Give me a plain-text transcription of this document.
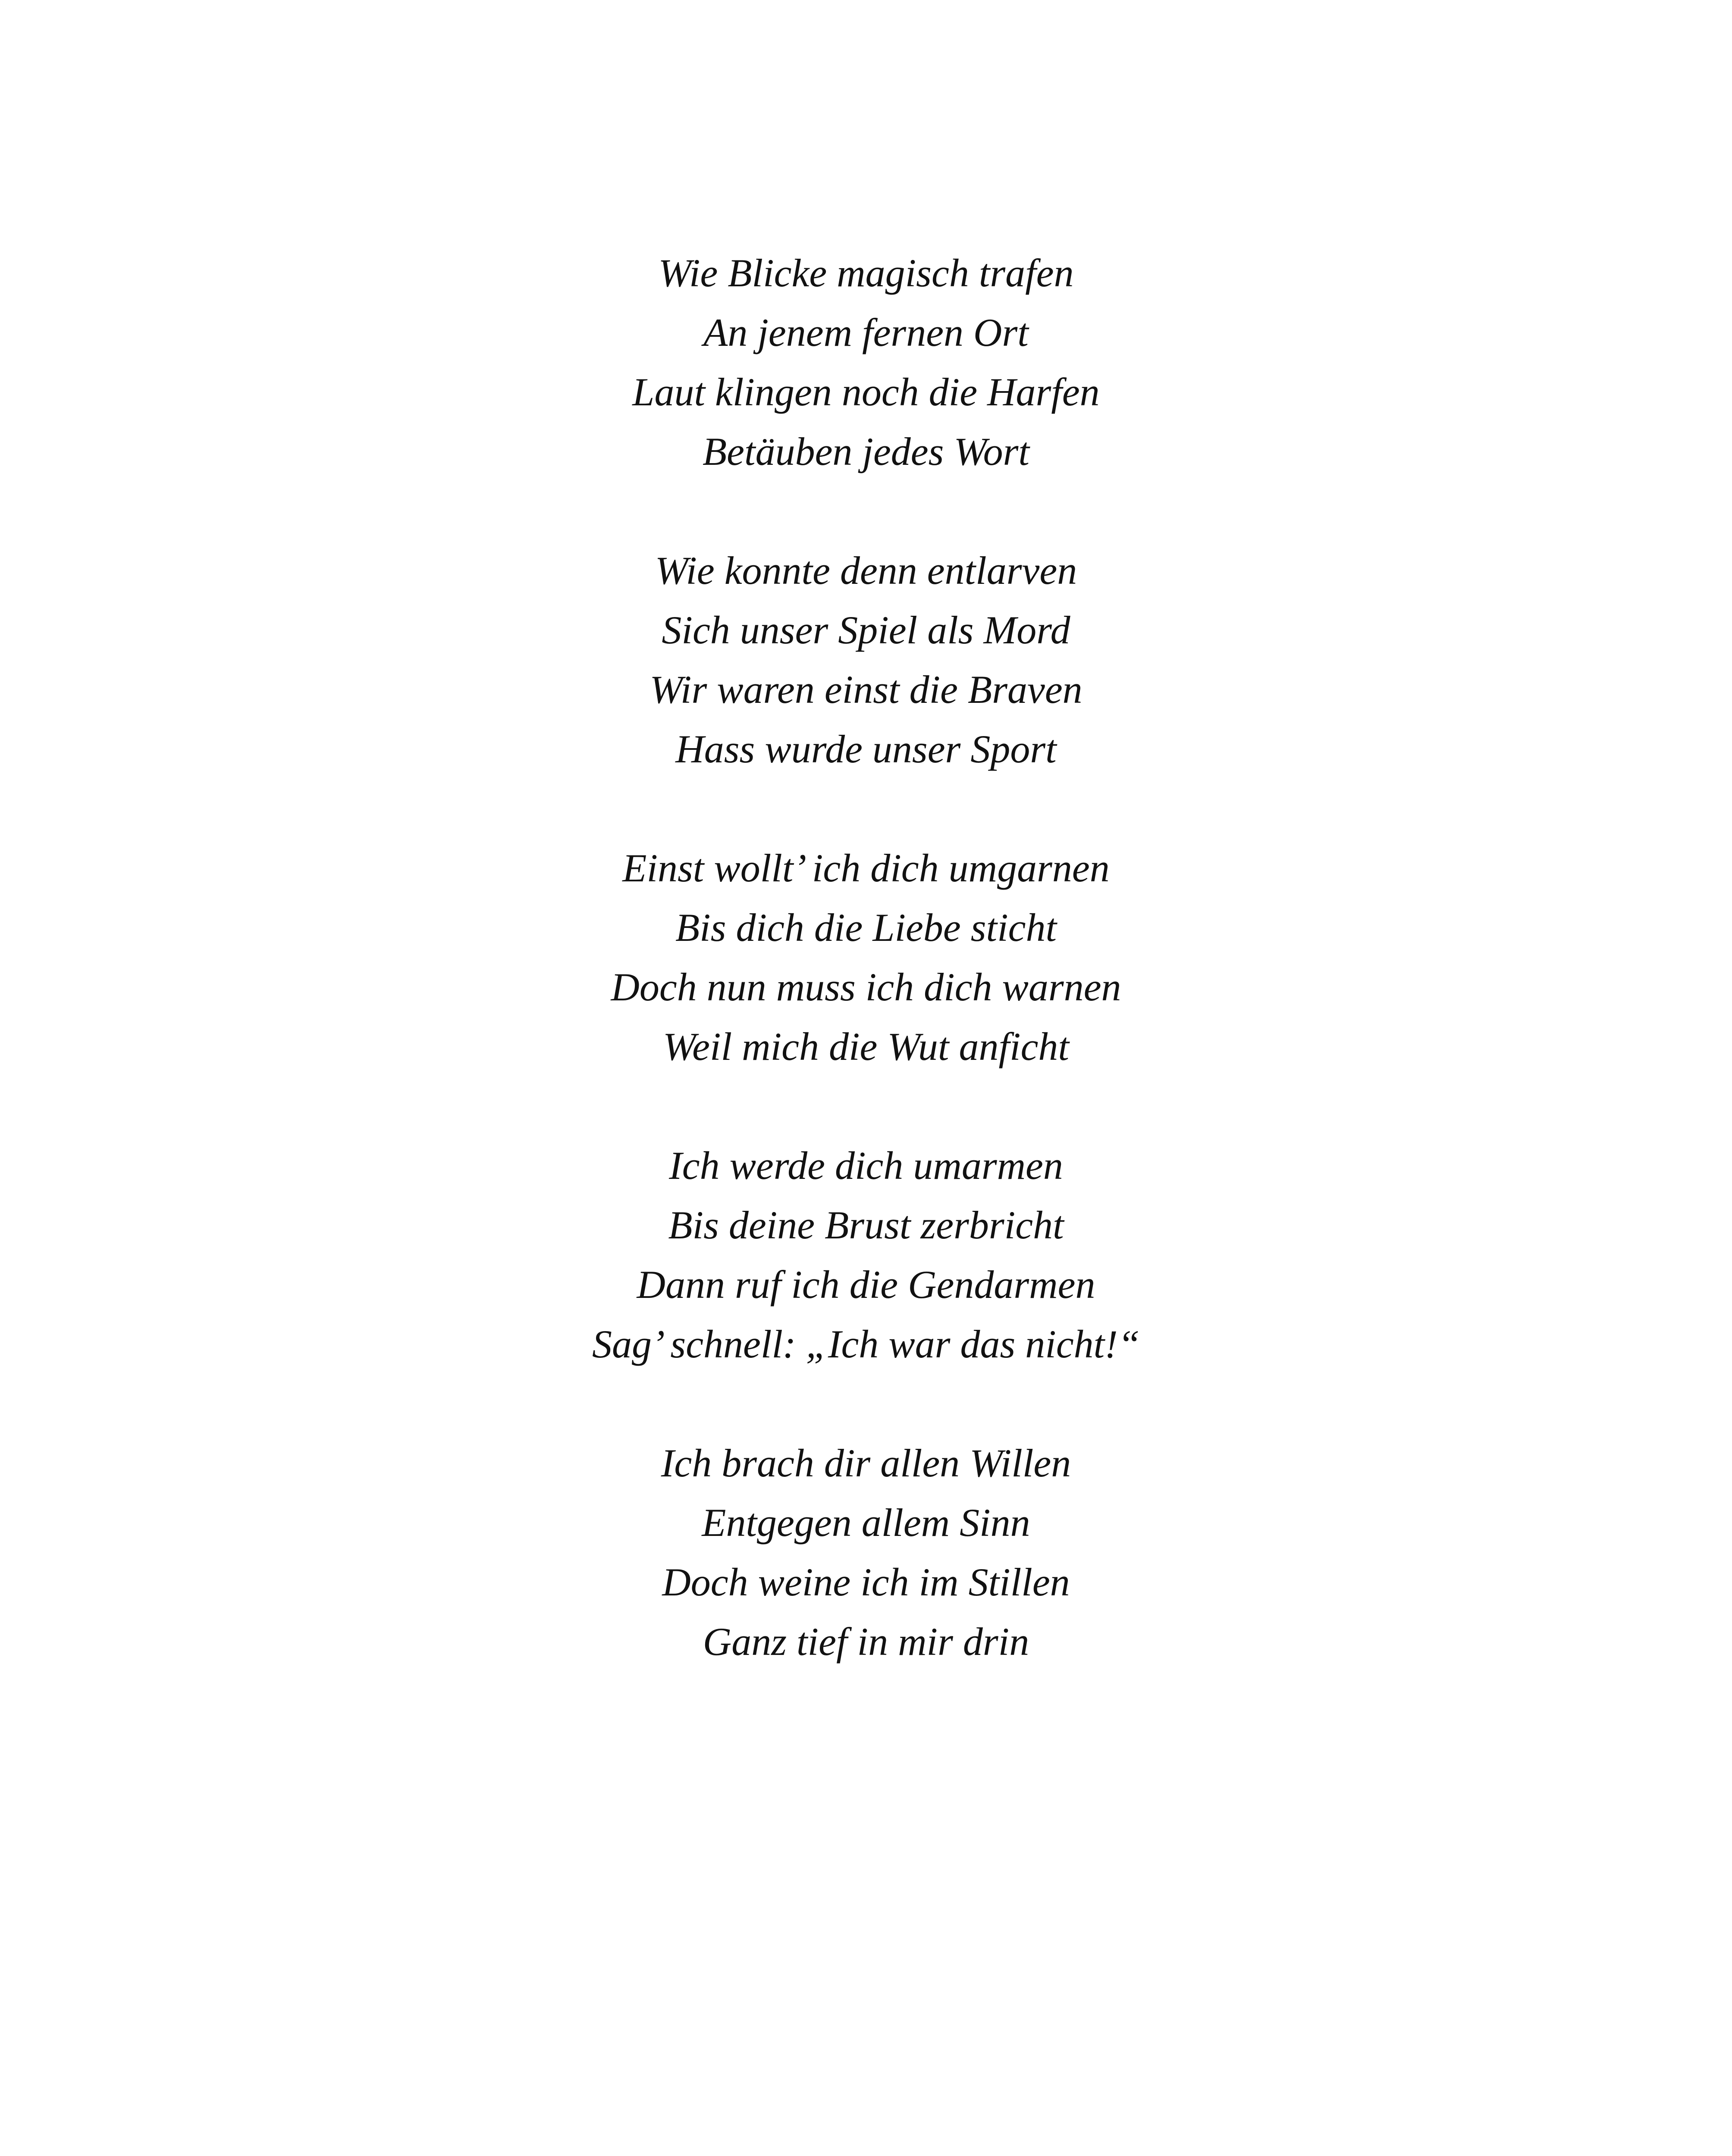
Wie Blicke magisch trafen
An jenem fernen Ort
Laut klingen noch die Harfen
Betäuben jedes Wort
Wie konnte denn entlarven
Sich unser Spiel als Mord
Wir waren einst die Braven
Hass wurde unser Sport
Einst wollt’ ich dich umgarnen
Bis dich die Liebe sticht
Doch nun muss ich dich warnen
Weil mich die Wut anficht
Ich werde dich umarmen
Bis deine Brust zerbricht
Dann ruf ich die Gendarmen
Sag’ schnell: „Ich war das nicht!“
Ich brach dir allen Willen
Entgegen allem Sinn
Doch weine ich im Stillen
Ganz tief in mir drin
